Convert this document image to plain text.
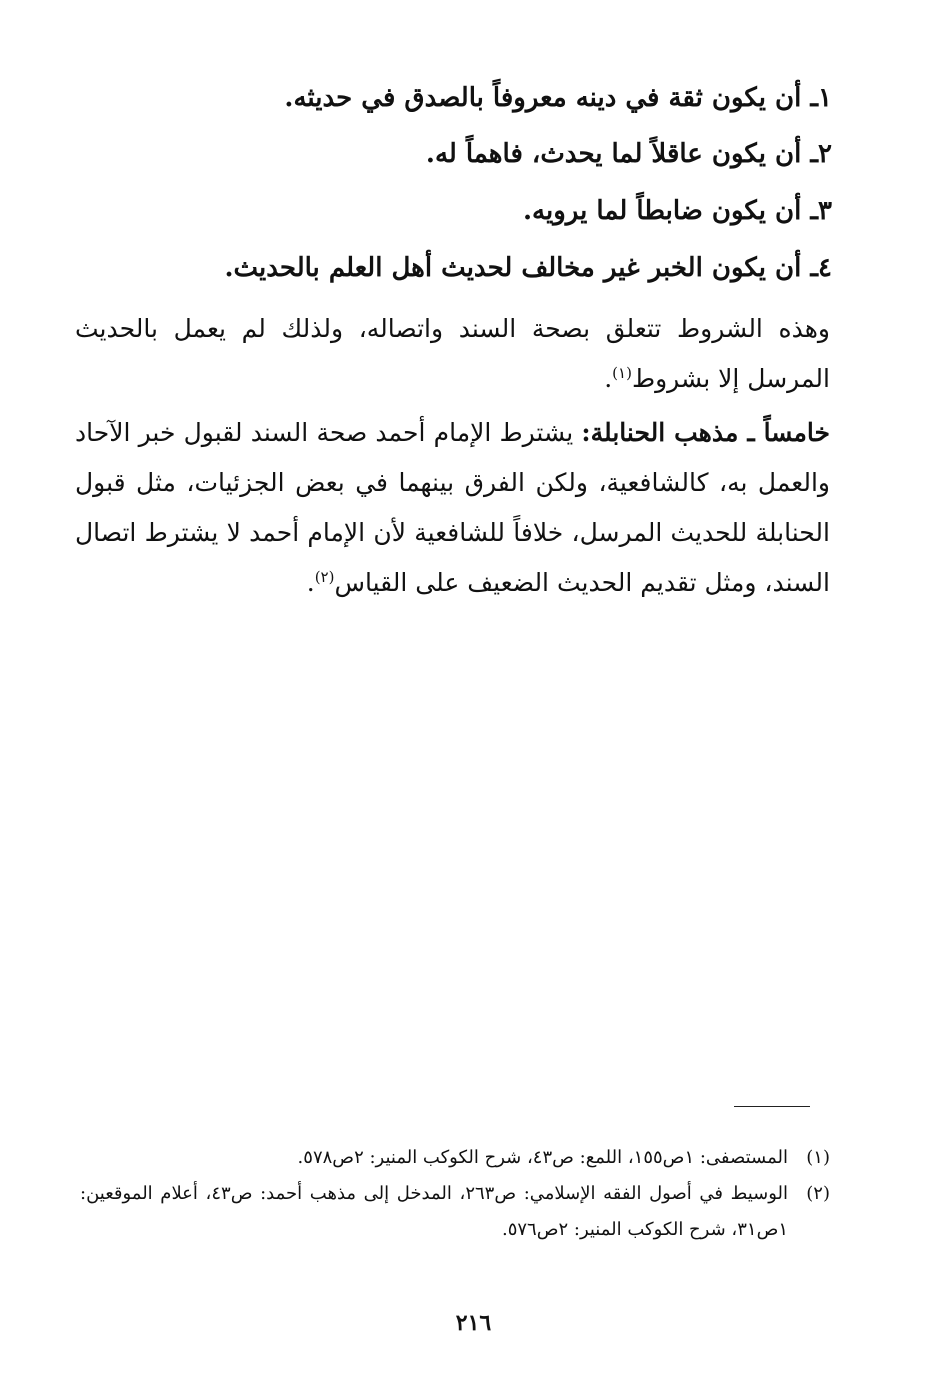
١ـ أن يكون ثقة في دينه معروفاً بالصدق في حديثه.
٢ـ أن يكون عاقلاً لما يحدث، فاهماً له.
٣ـ أن يكون ضابطاً لما يرويه.
٤ـ أن يكون الخبر غير مخالف لحديث أهل العلم بالحديث.
وهذه الشروط تتعلق بصحة السند واتصاله، ولذلك لم يعمل بالحديث المرسل إلا بشروط$^{(١)}$.
خامساً ـ مذهب الحنابلة: يشترط الإمام أحمد صحة السند لقبول خبر الآحاد والعمل به، كالشافعية، ولكن الفرق بينهما في بعض الجزئيات، مثل قبول الحنابلة للحديث المرسل، خلافاً للشافعية لأن الإمام أحمد لا يشترط اتصال السند، ومثل تقديم الحديث الضعيف على القياس$^{(٢)}$.
(١)
المستصفى: ١ص١٥٥، اللمع: ص٤٣، شرح الكوكب المنير: ٢ص٥٧٨.
(٢)
الوسيط في أصول الفقه الإسلامي: ص٢٦٣، المدخل إلى مذهب أحمد: ص٤٣، أعلام الموقعين: ١ص٣١، شرح الكوكب المنير: ٢ص٥٧٦.
٢١٦
